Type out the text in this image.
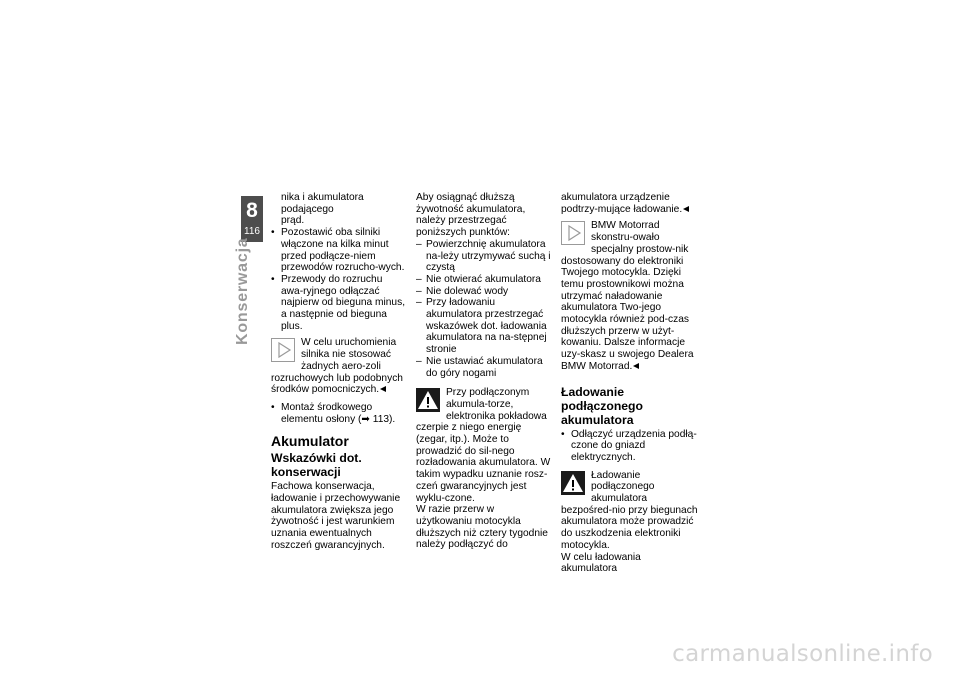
8
116
Konserwacja

nika i akumulatora podającego

prąd.

• Pozostawić oba silniki włączone na kilka minut przed podłącze-niem przewodów rozrucho-wych.

• Przewody do rozruchu awa-ryjnego odłączać najpierw od bieguna minus, a następnie od bieguna plus.

W celu uruchomienia silnika nie stosować żadnych aero-zoli rozruchowych lub podobnych środków pomocniczych.

• Montaż środkowego elementu osłony (➡ 113).

Akumulator
Wskazówki dot. konserwacji

Fachowa konserwacja, ładowanie i przechowywanie akumulatora zwiększa jego żywotność i jest warunkiem uznania ewentualnych roszczeń gwarancyjnych.

Aby osiągnąć dłuższą żywotność akumulatora, należy przestrzegać poniższych punktów:

– Powierzchnię akumulatora na-leży utrzymywać suchą i czystą

– Nie otwierać akumulatora

– Nie dolewać wody

– Przy ładowaniu akumulatora przestrzegać wskazówek dot. ładowania akumulatora na na-stępnej stronie

– Nie ustawiać akumulatora do góry nogami

Przy podłączonym akumula-torze, elektronika pokładowa czerpie z niego energię (zegar, itp.). Może to prowadzić do sil-nego rozładowania akumulatora. W takim wypadku uznanie rosz-czeń gwarancyjnych jest wyklu-czone.

W razie przerw w użytkowaniu motocykla dłuższych niż cztery tygodnie należy podłączyć do

akumulatora urządzenie podtrzy-mujące ładowanie.

BMW Motorrad skonstru-owało specjalny prostow-nik dostosowany do elektroniki Twojego motocykla. Dzięki temu prostownikowi można utrzymać naładowanie akumulatora Two-jego motocykla również pod-czas dłuższych przerw w użyt-kowaniu. Dalsze informacje uzy-skasz u swojego Dealera BMW Motorrad.
Ładowanie podłączonego akumulatora

• Odłączyć urządzenia podłą-czone do gniazd elektrycznych.

Ładowanie podłączonego akumulatora bezpośred-nio przy biegunach akumulatora może prowadzić do uszkodzenia elektroniki motocykla.

W celu ładowania akumulatora

carmanualsonline.info
